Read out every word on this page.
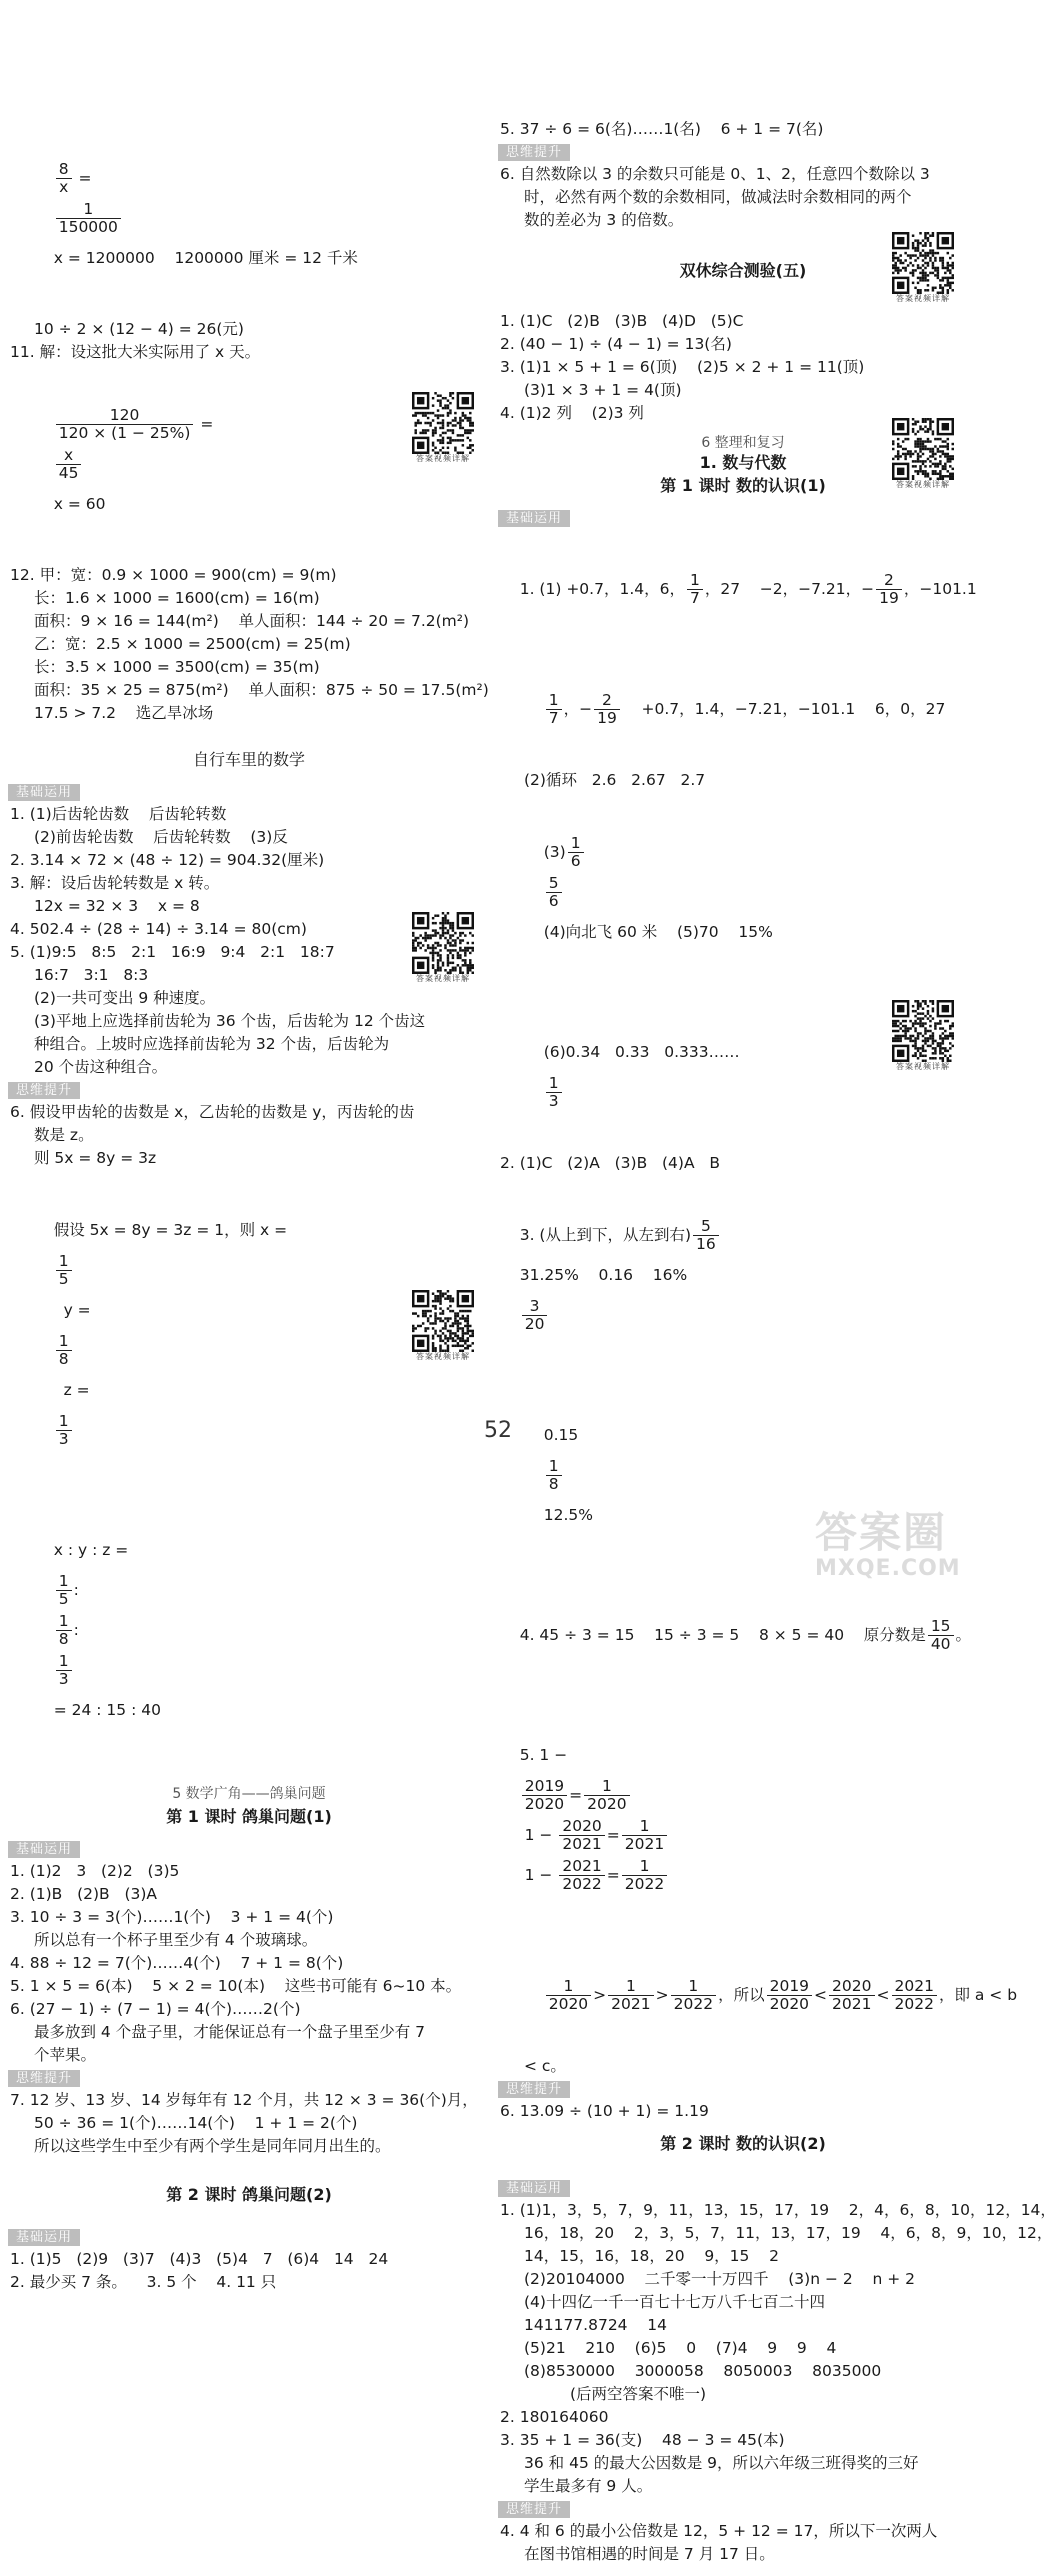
$\frac{8}{x}$ =

$\frac{1}{150000}$

x = 1200000    1200000 厘米 = 12 千米

10 ÷ 2 × (12 − 4) = 26(元)

11. 解：设这批大米实际用了 x 天。

$\frac{120}{120 \times (1 - 25\%)}$ =

$\frac{x}{45}$

x = 60

12. 甲：宽：0.9 × 1000 = 900(cm) = 9(m)

长：1.6 × 1000 = 1600(cm) = 16(m)

面积：9 × 16 = 144(m²)    单人面积：144 ÷ 20 = 7.2(m²)

乙：宽：2.5 × 1000 = 2500(cm) = 25(m)

长：3.5 × 1000 = 3500(cm) = 35(m)

面积：35 × 25 = 875(m²)    单人面积：875 ÷ 50 = 17.5(m²)

17.5 > 7.2    选乙旱冰场

自行车里的数学

基础运用

1. (1)后齿轮齿数    后齿轮转数

(2)前齿轮齿数    后齿轮转数    (3)反

2. 3.14 × 72 × (48 ÷ 12) = 904.32(厘米)

3. 解：设后齿轮转数是 x 转。

12x = 32 × 3    x = 8

4. 502.4 ÷ (28 ÷ 14) ÷ 3.14 = 80(cm)

5. (1)9:5   8:5   2:1   16:9   9:4   2:1   18:7

16:7   3:1   8:3

(2)一共可变出 9 种速度。

(3)平地上应选择前齿轮为 36 个齿，后齿轮为 12 个齿这

种组合。上坡时应选择前齿轮为 32 个齿，后齿轮为

20 个齿这种组合。

思维提升

6. 假设甲齿轮的齿数是 x，乙齿轮的齿数是 y，丙齿轮的齿

数是 z。

则 5x = 8y = 3z

假设 5x = 8y = 3z = 1，则 x =

$\frac{1}{5}$

y =

$\frac{1}{8}$

z =

$\frac{1}{3}$

x : y : z =

$\frac{1}{5}$ :

$\frac{1}{8}$ :

$\frac{1}{3}$

= 24 : 15 : 40

5 数学广角——鸽巢问题

第 1 课时 鸽巢问题(1)

基础运用

1. (1)2   3   (2)2   (3)5

2. (1)B   (2)B   (3)A

3. 10 ÷ 3 = 3(个)……1(个)    3 + 1 = 4(个)

所以总有一个杯子里至少有 4 个玻璃球。

4. 88 ÷ 12 = 7(个)……4(个)    7 + 1 = 8(个)

5. 1 × 5 = 6(本)    5 × 2 = 10(本)    这些书可能有 6~10 本。

6. (27 − 1) ÷ (7 − 1) = 4(个)……2(个)

最多放到 4 个盘子里，才能保证总有一个盘子里至少有 7

个苹果。

思维提升

7. 12 岁、13 岁、14 岁每年有 12 个月，共 12 × 3 = 36(个)月，

50 ÷ 36 = 1(个)……14(个)    1 + 1 = 2(个)

所以这些学生中至少有两个学生是同年同月出生的。

第 2 课时 鸽巢问题(2)

基础运用

1. (1)5   (2)9   (3)7   (4)3   (5)4   7   (6)4   14   24

2. 最少买 7 条。    3. 5 个    4. 11 只

5. 37 ÷ 6 = 6(名)……1(名)    6 + 1 = 7(名)

思维提升

6. 自然数除以 3 的余数只可能是 0、1、2，任意四个数除以 3

时，必然有两个数的余数相同，做减法时余数相同的两个

数的差必为 3 的倍数。

双休综合测验(五)

1. (1)C   (2)B   (3)B   (4)D   (5)C

2. (40 − 1) ÷ (4 − 1) = 13(名)

3. (1)1 × 5 + 1 = 6(顶)    (2)5 × 2 + 1 = 11(顶)

(3)1 × 3 + 1 = 4(顶)

4. (1)2 列    (2)3 列

6 整理和复习

1. 数与代数

第 1 课时 数的认识(1)

基础运用

1. (1) +0.7，1.4，6， $\frac{1}{7}$ ，27    −2，−7.21，− $\frac{2}{19}$ ，−101.1

$\frac{1}{7}$ ，− $\frac{2}{19} +0.7$，1.4，−7.21，−101.1    6，0，27

(2)循环   2.6   2.67   2.7

$(3) \frac{1}{6}$

$\frac{5}{6}$

(4)向北飞 60 米    (5)70    15%

(6)0.34   0.33   0.333……

$\frac{1}{3}$

2. (1)C   (2)A   (3)B   (4)A   B

3. (从上到下，从左到右) $\frac{5}{16}$

31.25%    0.16    16%

$\frac{3}{20}$

0.15

$\frac{1}{8}$

12.5%

4. 45 ÷ 3 = 15    15 ÷ 3 = 5    8 × 5 = 40    原分数是 $\frac{15}{40}$ 。

5. 1 −

$\frac{2019}{2020} = \frac{1}{2020}$

$1 - \frac{2020}{2021} = \frac{1}{2021}$

$1 - \frac{2021}{2022} = \frac{1}{2022}$

$\frac{1}{2020} > \frac{1}{2021} > \frac{1}{2022}$ ，所以 $\frac{2019}{2020} < \frac{2020}{2021} < \frac{2021}{2022}$ ，即 a < b

< c。

思维提升

6. 13.09 ÷ (10 + 1) = 1.19

第 2 课时 数的认识(2)

基础运用

1. (1)1，3，5，7，9，11，13，15，17，19    2，4，6，8，10，12，14，

16，18，20    2，3，5，7，11，13，17，19    4，6，8，9，10，12，

14，15，16，18，20    9，15    2

(2)20104000    二千零一十万四千    (3)n − 2    n + 2

(4)十四亿一千一百七十七万八千七百二十四

141177.8724    14

(5)21    210    (6)5    0    (7)4    9    9    4

(8)8530000    3000058    8050003    8035000

(后两空答案不唯一)

2. 180164060

3. 35 + 1 = 36(支)    48 − 3 = 45(本)

36 和 45 的最大公因数是 9，所以六年级三班得奖的三好

学生最多有 9 人。

思维提升

4. 4 和 6 的最小公倍数是 12，5 + 12 = 17，所以下一次两人

在图书馆相遇的时间是 7 月 17 日。

答案视频详解
答案视频详解
答案视频详解
答案视频详解
答案视频详解
答案视频详解
52
答案圈
MXQE.COM
